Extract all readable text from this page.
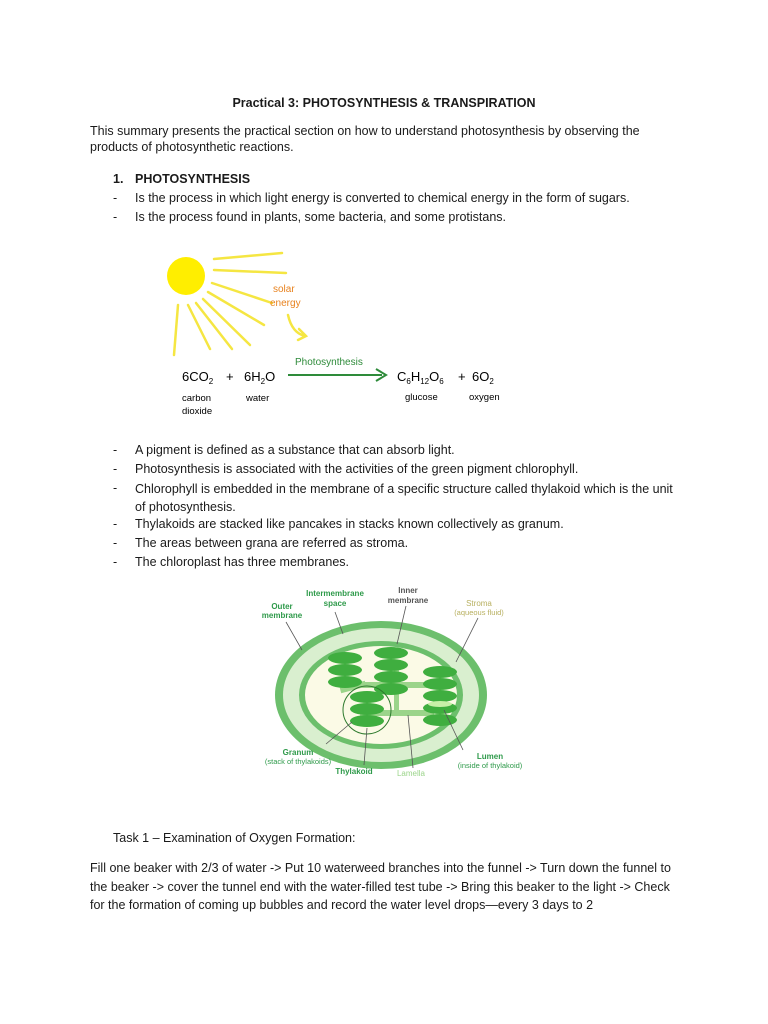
Practical 3: PHOTOSYNTHESIS & TRANSPIRATION
This summary presents the practical section on how to understand photosynthesis by observing the products of photosynthetic reactions.
1. PHOTOSYNTHESIS
- Is the process in which light energy is converted to chemical energy in the form of sugars.
- Is the process found in plants, some bacteria, and some protistans.
solar
energy
Photosynthesis
$6CO_2 + 6H_2O$	$C_6H_{12}O_6 + 6O_2$
carbon
dioxide
water	glucose	oxygen
- A pigment is defined as a substance that can absorb light.
- Photosynthesis is associated with the activities of the green pigment chlorophyll.
- Chlorophyll is embedded in the membrane of a specific structure called thylakoid which is the unit of photosynthesis.
- Thylakoids are stacked like pancakes in stacks known collectively as granum.
- The areas between grana are referred as stroma.
- The chloroplast has three membranes.
Outer
membrane
Intermembrane
space
Inner
membrane	Stroma
(aqueous fluid)
Granum
(stack of thylakoids)
Thylakoid	Lamella
Lumen
(inside of thylakoid)
Task 1 – Examination of Oxygen Formation:
Fill one beaker with 2/3 of water -> Put 10 waterweed branches into the funnel -> Turn down the funnel to the beaker -> cover the tunnel end with the water-filled test tube -> Bring this beaker to the light -> Check for the formation of coming up bubbles and record the water level drops—every 3 days to 2
